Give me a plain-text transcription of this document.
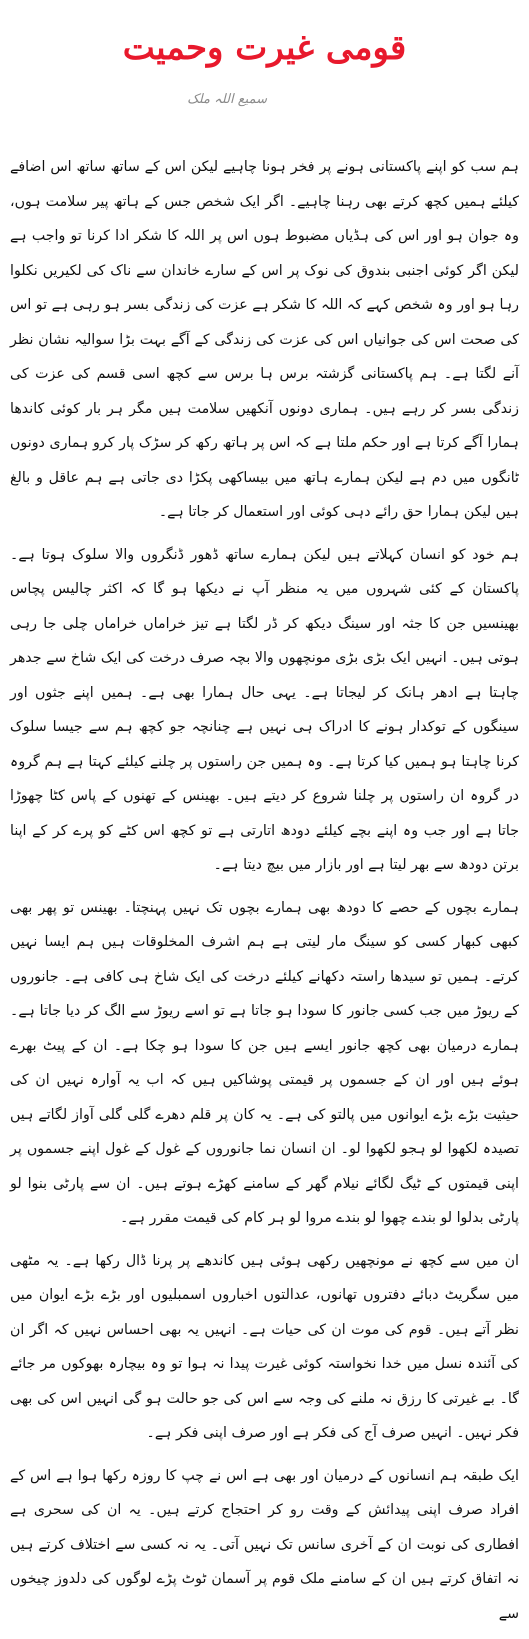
قومی غیرت وحمیت
سمیع اللہ ملک

ہم سب کو اپنے پاکستانی ہونے پر فخر ہونا چاہیے لیکن اس کے ساتھ ساتھ اس اضافے کیلئے ہمیں کچھ کرتے بھی رہنا چاہیے۔ اگر ایک شخص جس کے ہاتھ پیر سلامت ہوں، وہ جوان ہو اور اس کی ہڈیاں مضبوط ہوں اس پر اللہ کا شکر ادا کرنا تو واجب ہے لیکن اگر کوئی اجنبی بندوق کی نوک پر اس کے سارے خاندان سے ناک کی لکیریں نکلوا رہا ہو اور وہ شخص کہے کہ اللہ کا شکر ہے عزت کی زندگی بسر ہو رہی ہے تو اس کی صحت اس کی جوانیاں اس کی عزت کی زندگی کے آگے بہت بڑا سوالیہ نشان نظر آنے لگتا ہے۔ ہم پاکستانی گزشتہ برس ہا برس سے کچھ اسی قسم کی عزت کی زندگی بسر کر رہے ہیں۔ ہماری دونوں آنکھیں سلامت ہیں مگر ہر بار کوئی کاندھا ہمارا آگے کرتا ہے اور حکم ملتا ہے کہ اس پر ہاتھ رکھ کر سڑک پار کرو ہماری دونوں ٹانگوں میں دم ہے لیکن ہمارے ہاتھ میں بیساکھی پکڑا دی جاتی ہے ہم عاقل و بالغ ہیں لیکن ہمارا حق رائے دہی کوئی اور استعمال کر جاتا ہے۔

ہم خود کو انسان کہلاتے ہیں لیکن ہمارے ساتھ ڈھور ڈنگروں والا سلوک ہوتا ہے۔ پاکستان کے کئی شہروں میں یہ منظر آپ نے دیکھا ہو گا کہ اکثر چالیس پچاس بھینسیں جن کا جثہ اور سینگ دیکھ کر ڈر لگتا ہے تیز خراماں خراماں چلی جا رہی ہوتی ہیں۔ انہیں ایک بڑی بڑی مونچھوں والا بچہ صرف درخت کی ایک شاخ سے جدھر چاہتا ہے ادھر ہانک کر لیجاتا ہے۔ یہی حال ہمارا بھی ہے۔ ہمیں اپنے جثوں اور سینگوں کے توکدار ہونے کا ادراک ہی نہیں ہے چنانچہ جو کچھ ہم سے جیسا سلوک کرنا چاہتا ہو ہمیں کیا کرتا ہے۔ وہ ہمیں جن راستوں پر چلنے کیلئے کہتا ہے ہم گروہ در گروہ ان راستوں پر چلنا شروع کر دیتے ہیں۔ بھینس کے تھنوں کے پاس کٹا چھوڑا جاتا ہے اور جب وہ اپنے بچے کیلئے دودھ اتارتی ہے تو کچھ اس کٹے کو پرے کر کے اپنا برتن دودھ سے بھر لیتا ہے اور بازار میں بیچ دیتا ہے۔

ہمارے بچوں کے حصے کا دودھ بھی ہمارے بچوں تک نہیں پہنچتا۔ بھینس تو پھر بھی کبھی کبھار کسی کو سینگ مار لیتی ہے ہم اشرف المخلوقات ہیں ہم ایسا نہیں کرتے۔ ہمیں تو سیدھا راستہ دکھانے کیلئے درخت کی ایک شاخ ہی کافی ہے۔ جانوروں کے ریوڑ میں جب کسی جانور کا سودا ہو جاتا ہے تو اسے ریوڑ سے الگ کر دیا جاتا ہے۔ ہمارے درمیان بھی کچھ جانور ایسے ہیں جن کا سودا ہو چکا ہے۔ ان کے پیٹ بھرے ہوئے ہیں اور ان کے جسموں پر قیمتی پوشاکیں ہیں کہ اب یہ آوارہ نہیں ان کی حیثیت بڑے بڑے ایوانوں میں پالتو کی ہے۔ یہ کان پر قلم دھرے گلی گلی آواز لگاتے ہیں تصیدہ لکھوا لو ہجو لکھوا لو۔ ان انسان نما جانوروں کے غول کے غول اپنے جسموں پر اپنی قیمتوں کے ٹیگ لگائے نیلام گھر کے سامنے کھڑے ہوتے ہیں۔ ان سے پارٹی بنوا لو پارٹی بدلوا لو بندے چھوا لو بندے مروا لو ہر کام کی قیمت مقرر ہے۔

ان میں سے کچھ نے مونچھیں رکھی ہوئی ہیں کاندھے پر پرنا ڈال رکھا ہے۔ یہ مٹھی میں سگریٹ دبائے دفتروں تھانوں، عدالتوں اخباروں اسمبلیوں اور بڑے بڑے ایوان میں نظر آتے ہیں۔ قوم کی موت ان کی حیات ہے۔ انہیں یہ بھی احساس نہیں کہ اگر ان کی آئندہ نسل میں خدا نخواستہ کوئی غیرت پیدا نہ ہوا تو وہ بیچارہ بھوکوں مر جائے گا۔ بے غیرتی کا رزق نہ ملنے کی وجہ سے اس کی جو حالت ہو گی انہیں اس کی بھی فکر نہیں۔ انہیں صرف آج کی فکر ہے اور صرف اپنی فکر ہے۔

ایک طبقہ ہم انسانوں کے درمیان اور بھی ہے اس نے چپ کا روزہ رکھا ہوا ہے اس کے افراد صرف اپنی پیدائش کے وقت رو کر احتجاج کرتے ہیں۔ یہ ان کی سحری ہے افطاری کی نوبت ان کے آخری سانس تک نہیں آتی۔ یہ نہ کسی سے اختلاف کرتے ہیں نہ اتفاق کرتے ہیں ان کے سامنے ملک قوم پر آسمان ٹوٹ پڑے لوگوں کی دلدوز چیخوں سے
